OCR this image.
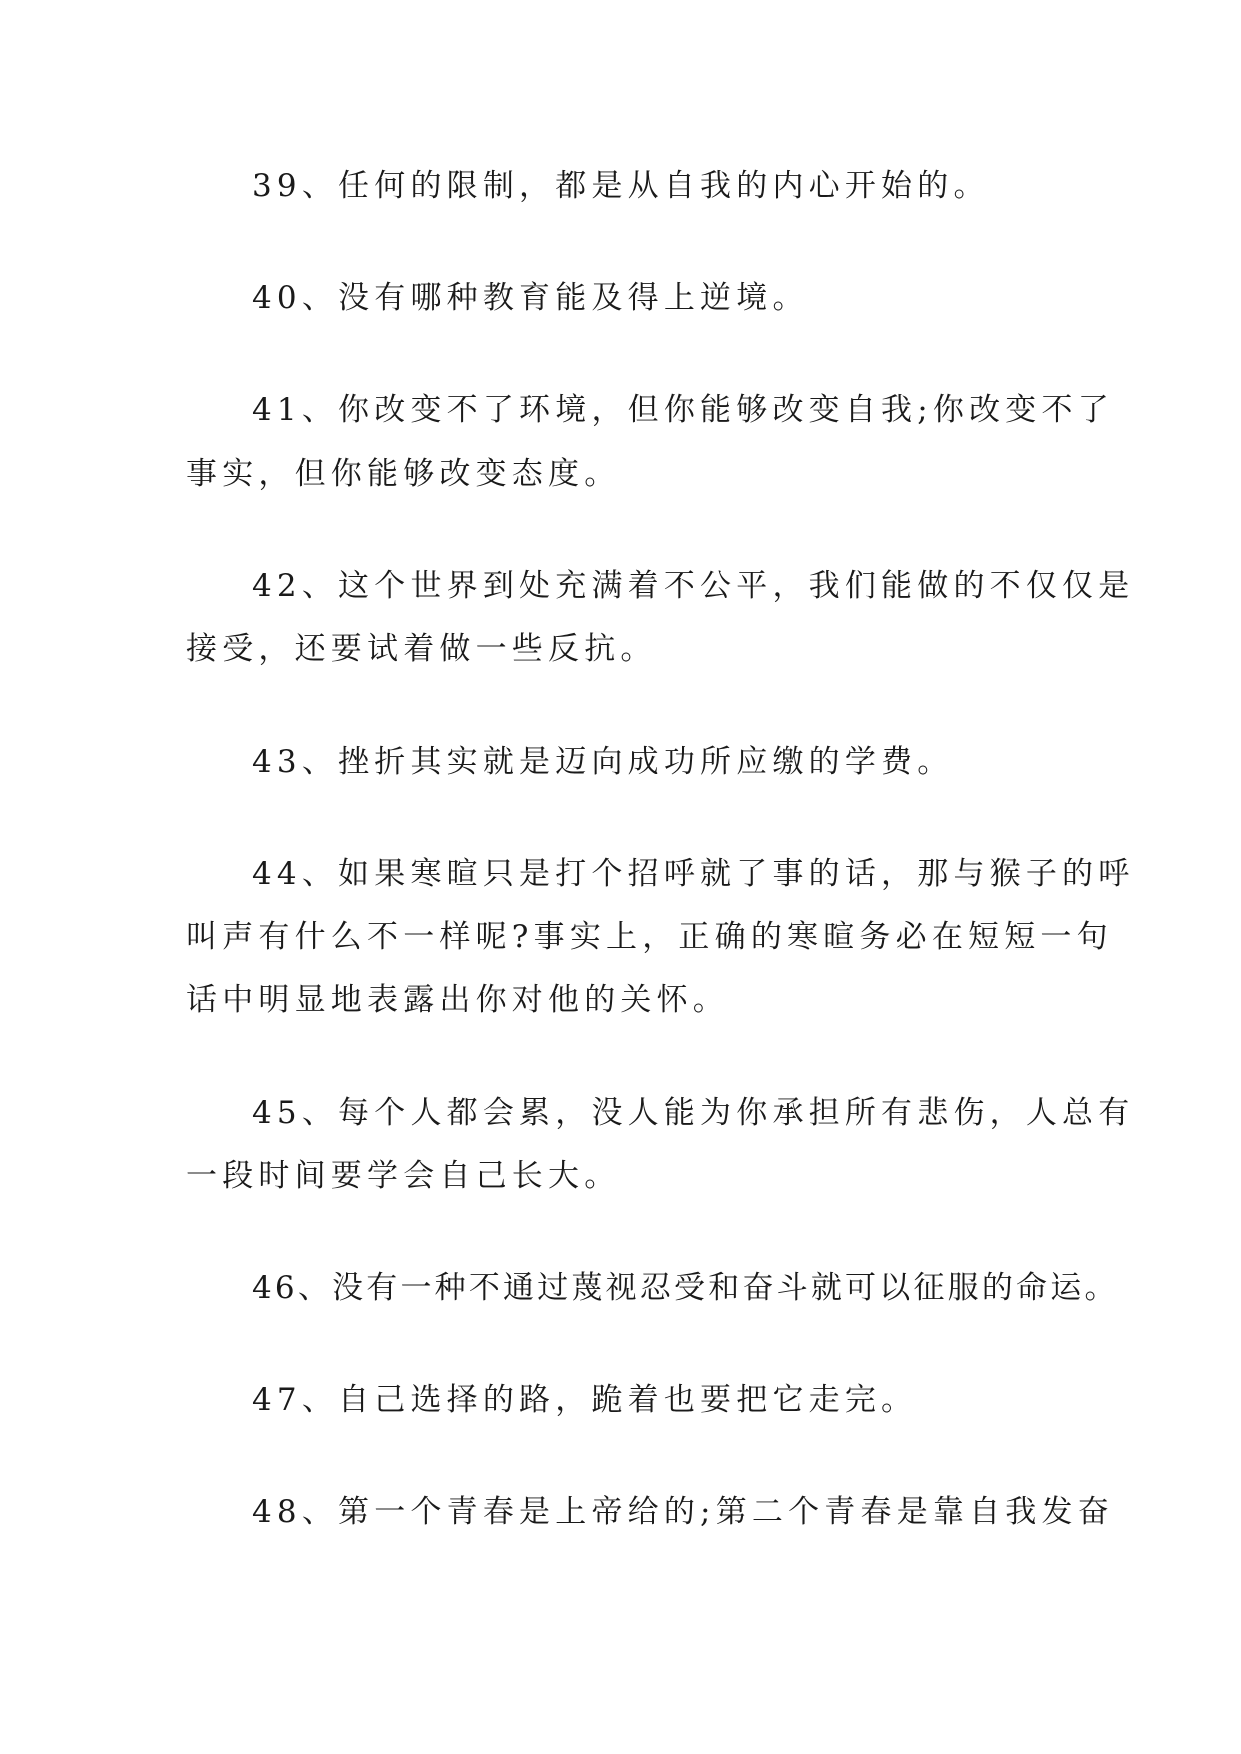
39、任何的限制，都是从自我的内心开始的。
40、没有哪种教育能及得上逆境。
41、你改变不了环境，但你能够改变自我;你改变不了
事实，但你能够改变态度。
42、这个世界到处充满着不公平，我们能做的不仅仅是
接受，还要试着做一些反抗。
43、挫折其实就是迈向成功所应缴的学费。
44、如果寒暄只是打个招呼就了事的话，那与猴子的呼
叫声有什么不一样呢?事实上，正确的寒暄务必在短短一句
话中明显地表露出你对他的关怀。
45、每个人都会累，没人能为你承担所有悲伤，人总有
一段时间要学会自己长大。
46、没有一种不通过蔑视忍受和奋斗就可以征服的命运。
47、自己选择的路，跪着也要把它走完。
48、第一个青春是上帝给的;第二个青春是靠自我发奋
